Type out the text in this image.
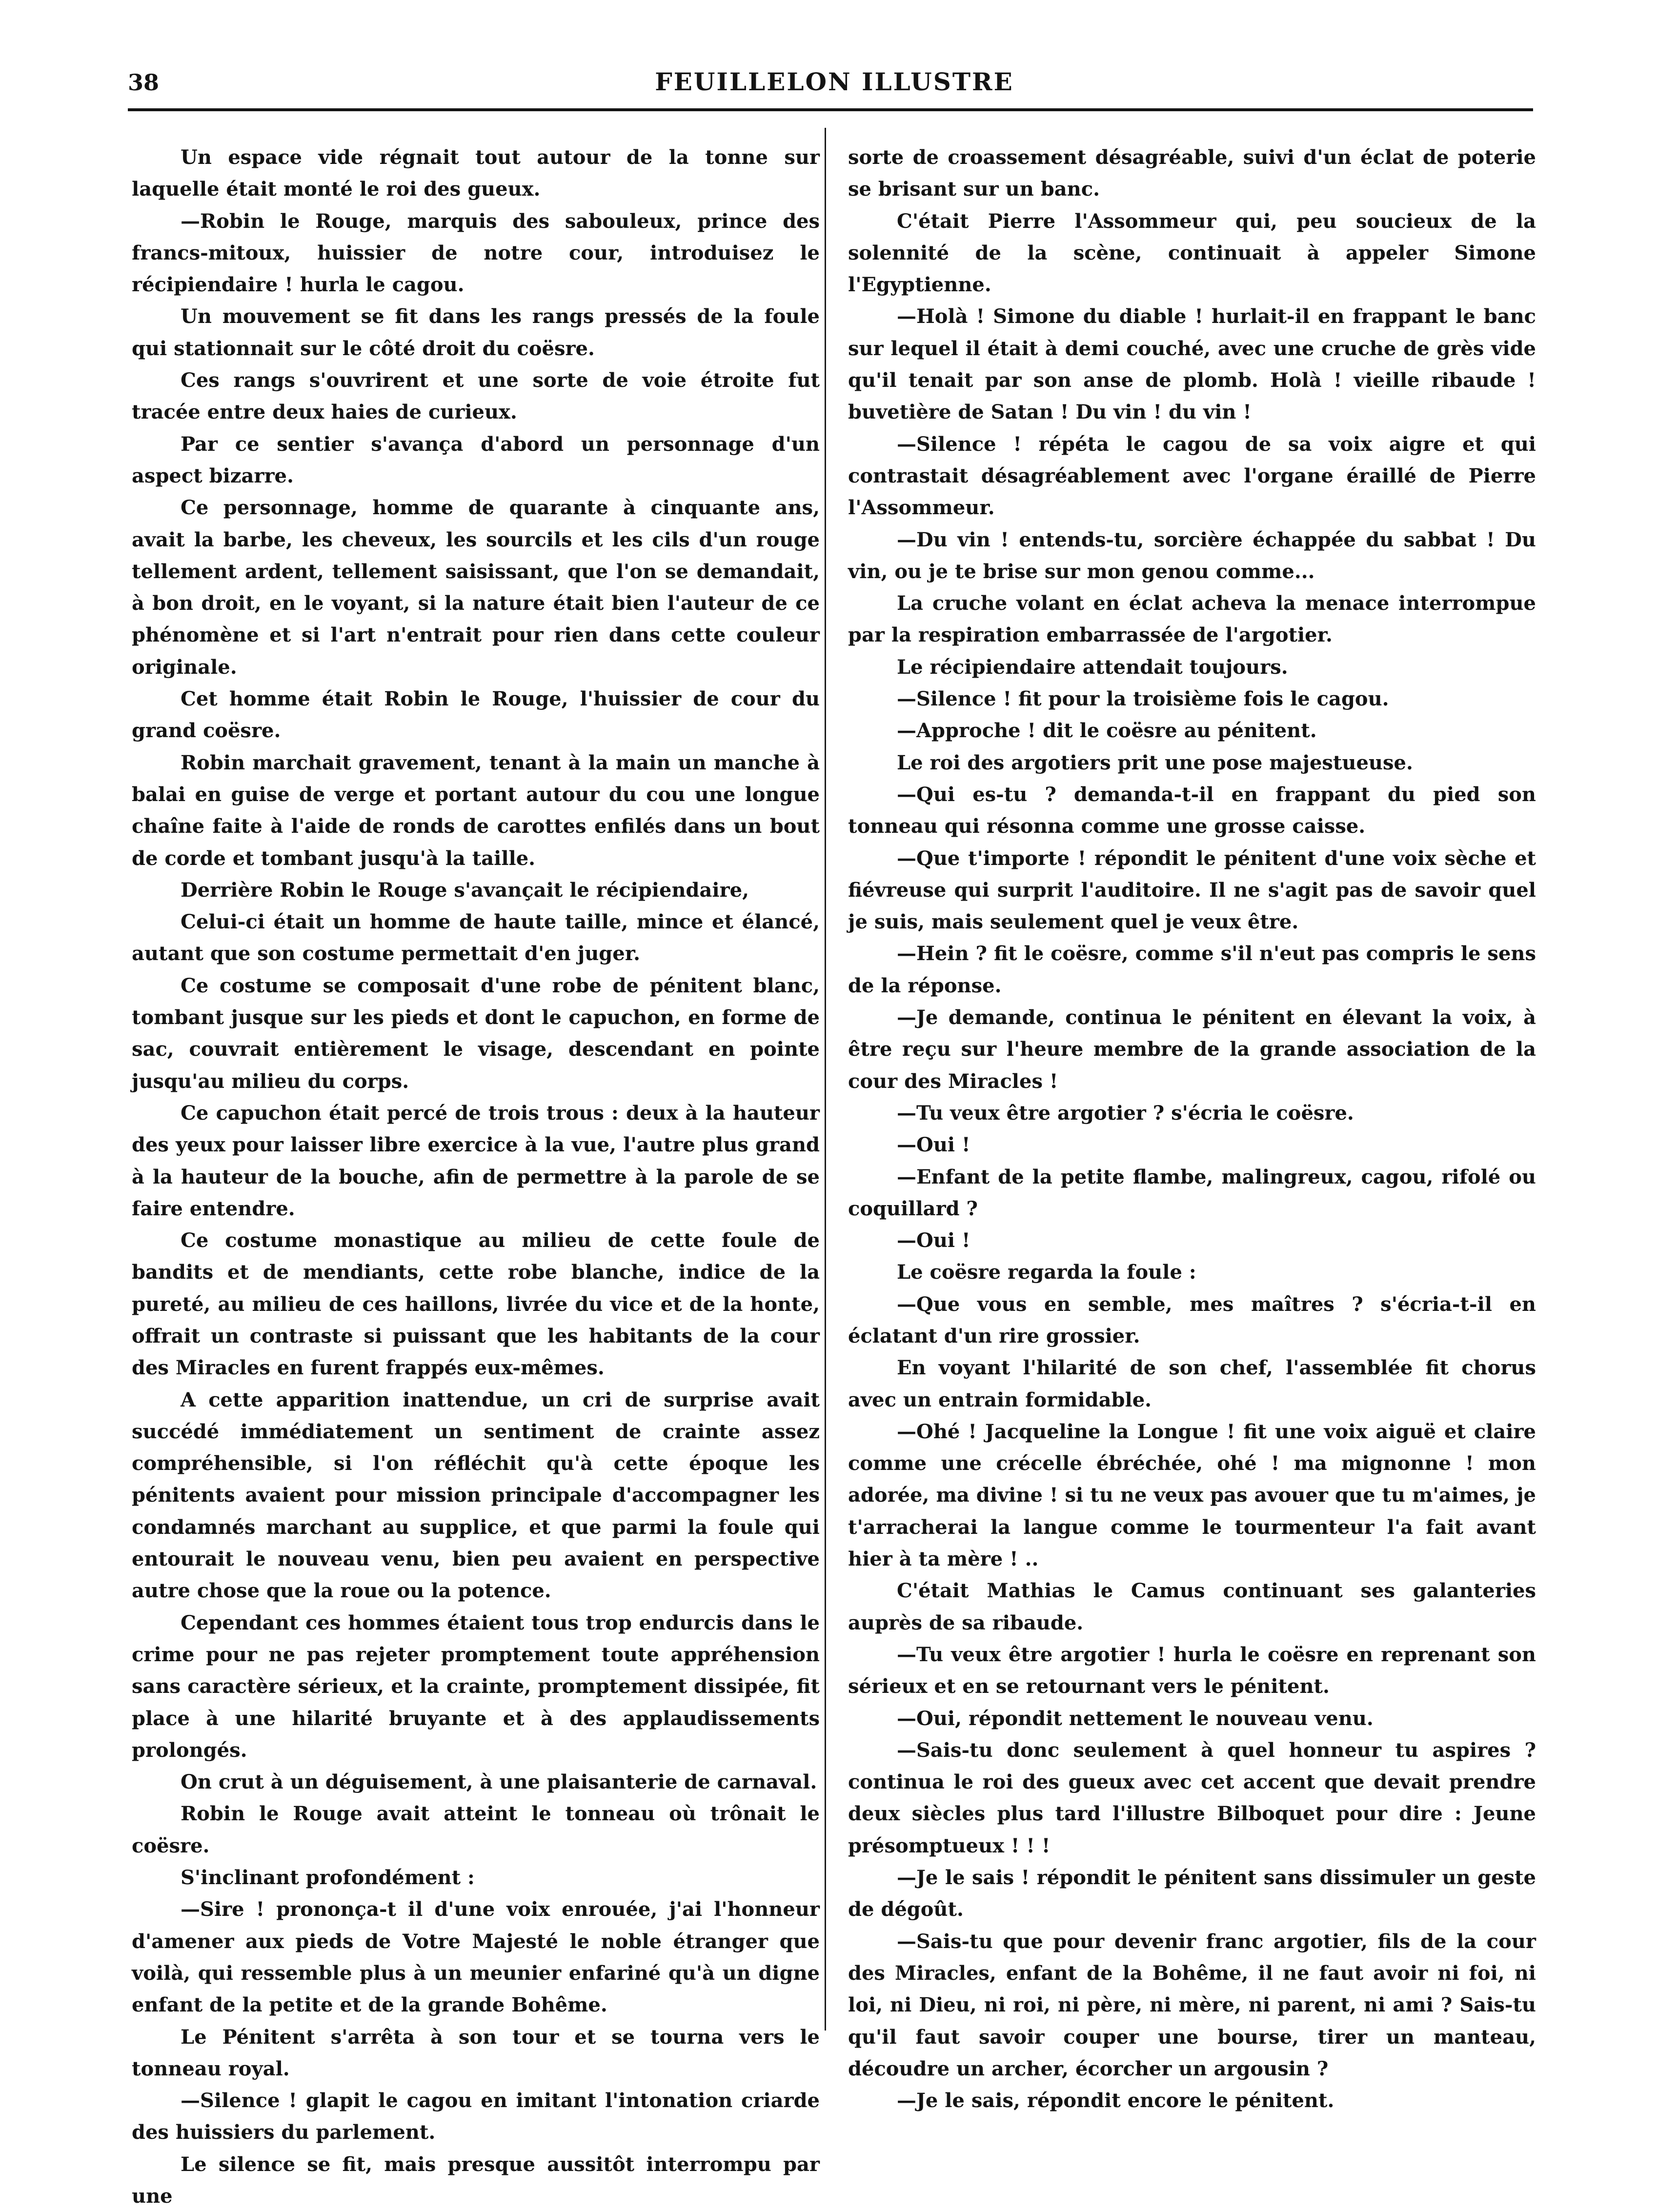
38	FEUILLELON ILLUSTRE

Un espace vide régnait tout autour de la tonne sur laquelle était monté le roi des gueux.

—Robin le Rouge, marquis des sabouleux, prince des francs-mitoux, huissier de notre cour, introduisez le récipiendaire ! hurla le cagou.

Un mouvement se fit dans les rangs pressés de la foule qui stationnait sur le côté droit du coësre.

Ces rangs s'ouvrirent et une sorte de voie étroite fut tracée entre deux haies de curieux.

Par ce sentier s'avança d'abord un personnage d'un aspect bizarre.

Ce personnage, homme de quarante à cinquante ans, avait la barbe, les cheveux, les sourcils et les cils d'un rouge tellement ardent, tellement saisissant, que l'on se demandait, à bon droit, en le voyant, si la nature était bien l'auteur de ce phénomène et si l'art n'entrait pour rien dans cette couleur originale.

Cet homme était Robin le Rouge, l'huissier de cour du grand coësre.

Robin marchait gravement, tenant à la main un manche à balai en guise de verge et portant autour du cou une longue chaîne faite à l'aide de ronds de carottes enfilés dans un bout de corde et tombant jusqu'à la taille.

Derrière Robin le Rouge s'avançait le récipiendaire,

Celui-ci était un homme de haute taille, mince et élancé, autant que son costume permettait d'en juger.

Ce costume se composait d'une robe de pénitent blanc, tombant jusque sur les pieds et dont le capuchon, en forme de sac, couvrait entièrement le visage, descendant en pointe jusqu'au milieu du corps.

Ce capuchon était percé de trois trous : deux à la hauteur des yeux pour laisser libre exercice à la vue, l'autre plus grand à la hauteur de la bouche, afin de permettre à la parole de se faire entendre.

Ce costume monastique au milieu de cette foule de bandits et de mendiants, cette robe blanche, indice de la pureté, au milieu de ces haillons, livrée du vice et de la honte, offrait un contraste si puissant que les habitants de la cour des Miracles en furent frappés eux-mêmes.

A cette apparition inattendue, un cri de surprise avait succédé immédiatement un sentiment de crainte assez compréhensible, si l'on réfléchit qu'à cette époque les pénitents avaient pour mission principale d'accompagner les condamnés marchant au supplice, et que parmi la foule qui entourait le nouveau venu, bien peu avaient en perspective autre chose que la roue ou la potence.

Cependant ces hommes étaient tous trop endurcis dans le crime pour ne pas rejeter promptement toute appréhension sans caractère sérieux, et la crainte, promptement dissipée, fit place à une hilarité bruyante et à des applaudissements prolongés.

On crut à un déguisement, à une plaisanterie de carnaval.

Robin le Rouge avait atteint le tonneau où trônait le coësre.

S'inclinant profondément :

—Sire ! prononça-t il d'une voix enrouée, j'ai l'honneur d'amener aux pieds de Votre Majesté le noble étranger que voilà, qui ressemble plus à un meunier enfariné qu'à un digne enfant de la petite et de la grande Bohême.

Le Pénitent s'arrêta à son tour et se tourna vers le tonneau royal.

—Silence ! glapit le cagou en imitant l'intonation criarde des huissiers du parlement.

Le silence se fit, mais presque aussitôt interrompu par une

sorte de croassement désagréable, suivi d'un éclat de poterie se brisant sur un banc.

C'était Pierre l'Assommeur qui, peu soucieux de la solennité de la scène, continuait à appeler Simone l'Egyptienne.

—Holà ! Simone du diable ! hurlait-il en frappant le banc sur lequel il était à demi couché, avec une cruche de grès vide qu'il tenait par son anse de plomb. Holà ! vieille ribaude ! buvetière de Satan ! Du vin ! du vin !

—Silence ! répéta le cagou de sa voix aigre et qui contrastait désagréablement avec l'organe éraillé de Pierre l'Assommeur.

—Du vin ! entends-tu, sorcière échappée du sabbat ! Du vin, ou je te brise sur mon genou comme...

La cruche volant en éclat acheva la menace interrompue par la respiration embarrassée de l'argotier.

Le récipiendaire attendait toujours.

—Silence ! fit pour la troisième fois le cagou.

—Approche ! dit le coësre au pénitent.

Le roi des argotiers prit une pose majestueuse.

—Qui es-tu ? demanda-t-il en frappant du pied son tonneau qui résonna comme une grosse caisse.

—Que t'importe ! répondit le pénitent d'une voix sèche et fiévreuse qui surprit l'auditoire. Il ne s'agit pas de savoir quel je suis, mais seulement quel je veux être.

—Hein ? fit le coësre, comme s'il n'eut pas compris le sens de la réponse.

—Je demande, continua le pénitent en élevant la voix, à être reçu sur l'heure membre de la grande association de la cour des Miracles !

—Tu veux être argotier ? s'écria le coësre.

—Oui !

—Enfant de la petite flambe, malingreux, cagou, rifolé ou coquillard ?

—Oui !

Le coësre regarda la foule :

—Que vous en semble, mes maîtres ? s'écria-t-il en éclatant d'un rire grossier.

En voyant l'hilarité de son chef, l'assemblée fit chorus avec un entrain formidable.

—Ohé ! Jacqueline la Longue ! fit une voix aiguë et claire comme une crécelle ébréchée, ohé ! ma mignonne ! mon adorée, ma divine ! si tu ne veux pas avouer que tu m'aimes, je t'arracherai la langue comme le tourmenteur l'a fait avant hier à ta mère ! ..

C'était Mathias le Camus continuant ses galanteries auprès de sa ribaude.

—Tu veux être argotier ! hurla le coësre en reprenant son sérieux et en se retournant vers le pénitent.

—Oui, répondit nettement le nouveau venu.

—Sais-tu donc seulement à quel honneur tu aspires ? continua le roi des gueux avec cet accent que devait prendre deux siècles plus tard l'illustre Bilboquet pour dire : Jeune présomptueux ! ! !

—Je le sais ! répondit le pénitent sans dissimuler un geste de dégoût.

—Sais-tu que pour devenir franc argotier, fils de la cour des Miracles, enfant de la Bohême, il ne faut avoir ni foi, ni loi, ni Dieu, ni roi, ni père, ni mère, ni parent, ni ami ? Sais-tu qu'il faut savoir couper une bourse, tirer un manteau, découdre un archer, écorcher un argousin ?

—Je le sais, répondit encore le pénitent.
